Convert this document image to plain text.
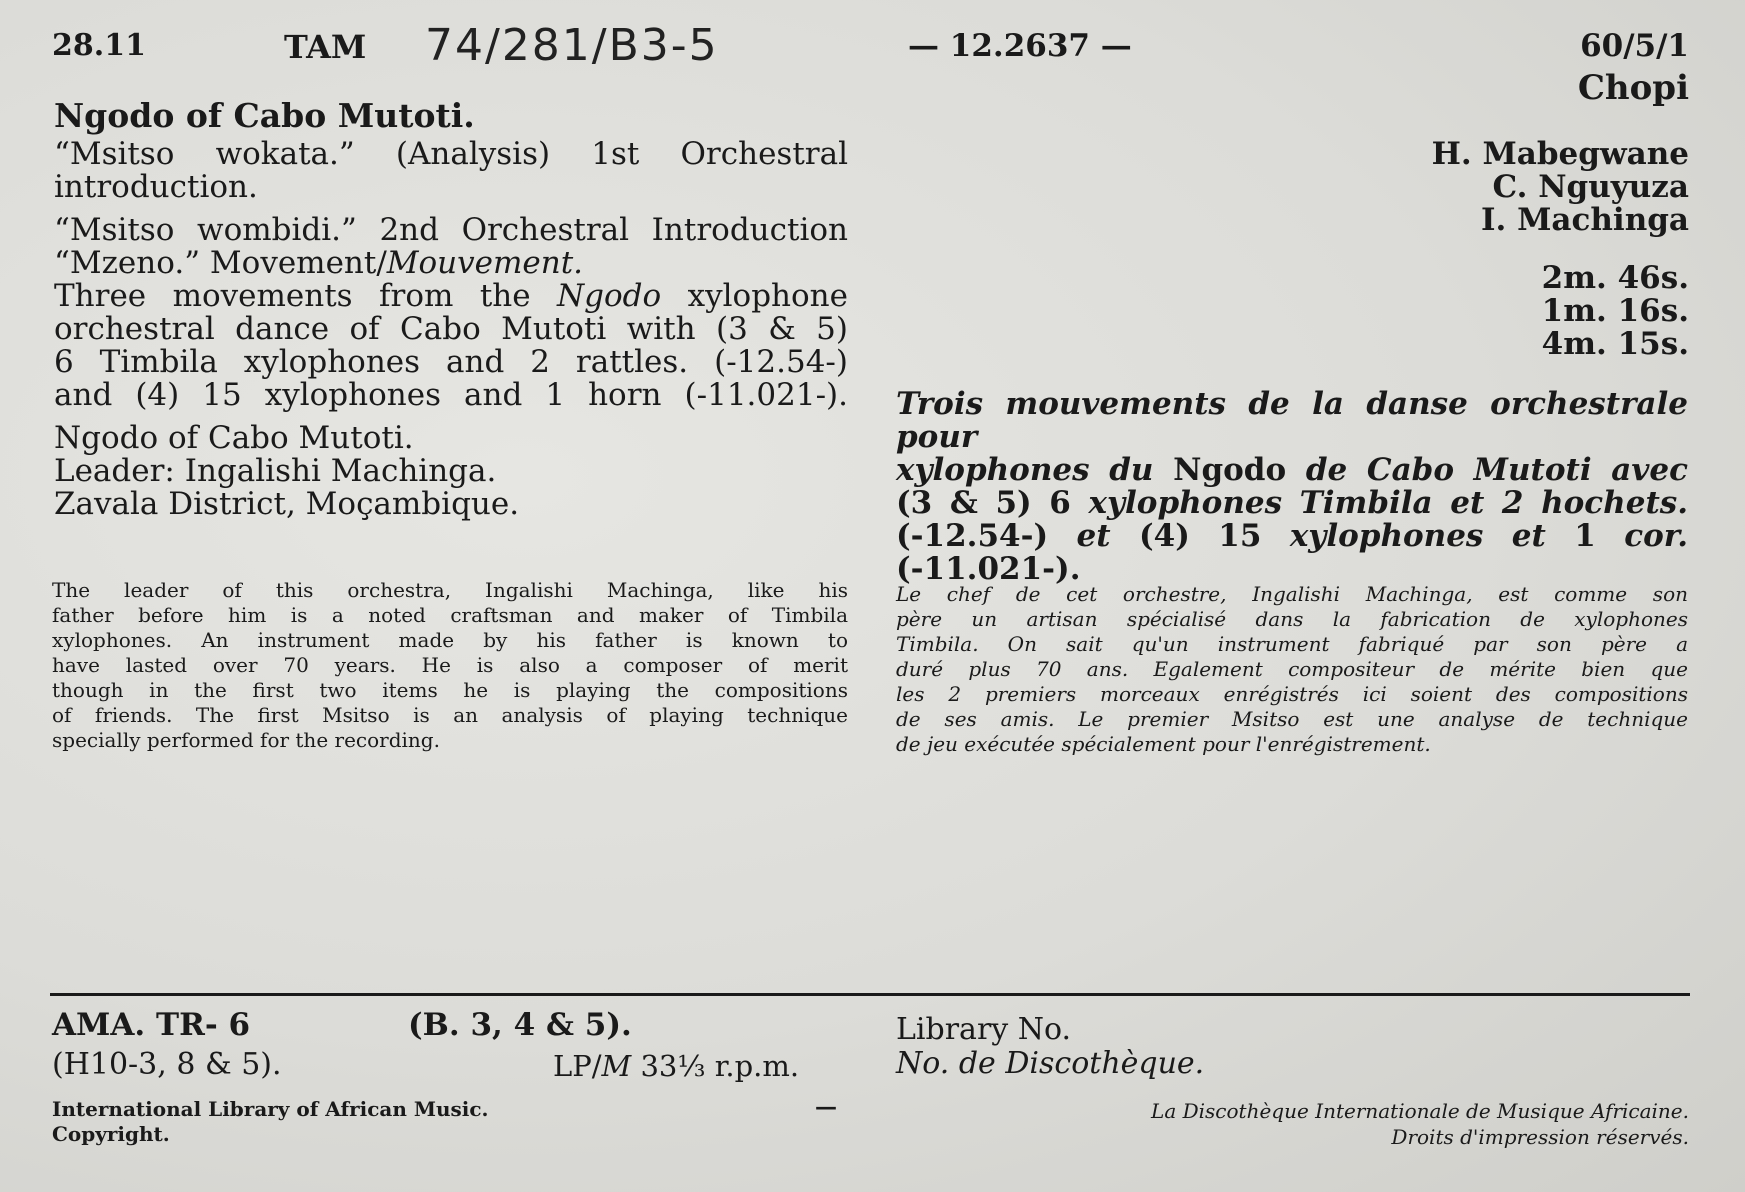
28.11	TAM 74/281/B3-5	— 12.2637 —	60/5/1

Chopi

Ngodo of Cabo Mutoti.

“Msitso wokata.” (Analysis) 1st Orchestral
introduction.
“Msitso wombidi.” 2nd Orchestral Introduction
“Mzeno.” Movement/Mouvement.
Three movements from the Ngodo xylophone
orchestral dance of Cabo Mutoti with (3 & 5)
6 Timbila xylophones and 2 rattles. (-12.54-)
and (4) 15 xylophones and 1 horn (-11.021-).
Ngodo of Cabo Mutoti.
Leader: Ingalishi Machinga.
Zavala District, Moçambique.
The leader of this orchestra, Ingalishi Machinga, like his
father before him is a noted craftsman and maker of Timbila
xylophones. An instrument made by his father is known to
have lasted over 70 years. He is also a composer of merit
though in the first two items he is playing the compositions
of friends. The first Msitso is an analysis of playing technique
specially performed for the recording.
H. Mabegwane
C. Nguyuza
I. Machinga
2m. 46s.
1m. 16s.
4m. 15s.
Trois mouvements de la danse orchestrale pour
xylophones du Ngodo de Cabo Mutoti avec
(3 & 5) 6 xylophones Timbila et 2 hochets.
(-12.54-) et (4) 15 xylophones et 1 cor.
(-11.021-).
Le chef de cet orchestre, Ingalishi Machinga, est comme son
père un artisan spécialisé dans la fabrication de xylophones
Timbila. On sait qu'un instrument fabriqué par son père a
duré plus 70 ans. Egalement compositeur de mérite bien que
les 2 premiers morceaux enrégistrés ici soient des compositions
de ses amis. Le premier Msitso est une analyse de technique
de jeu exécutée spécialement pour l'enrégistrement.

AMA. TR- 6	(B. 3, 4 & 5).

(H10-3, 8 & 5).	LP/M 33⅓ r.p.m.

Library No.

No. de Discothèque.

International Library of African Music.

Copyright.

—	La Discothèque Internationale de Musique Africaine.

Droits d'impression réservés.
